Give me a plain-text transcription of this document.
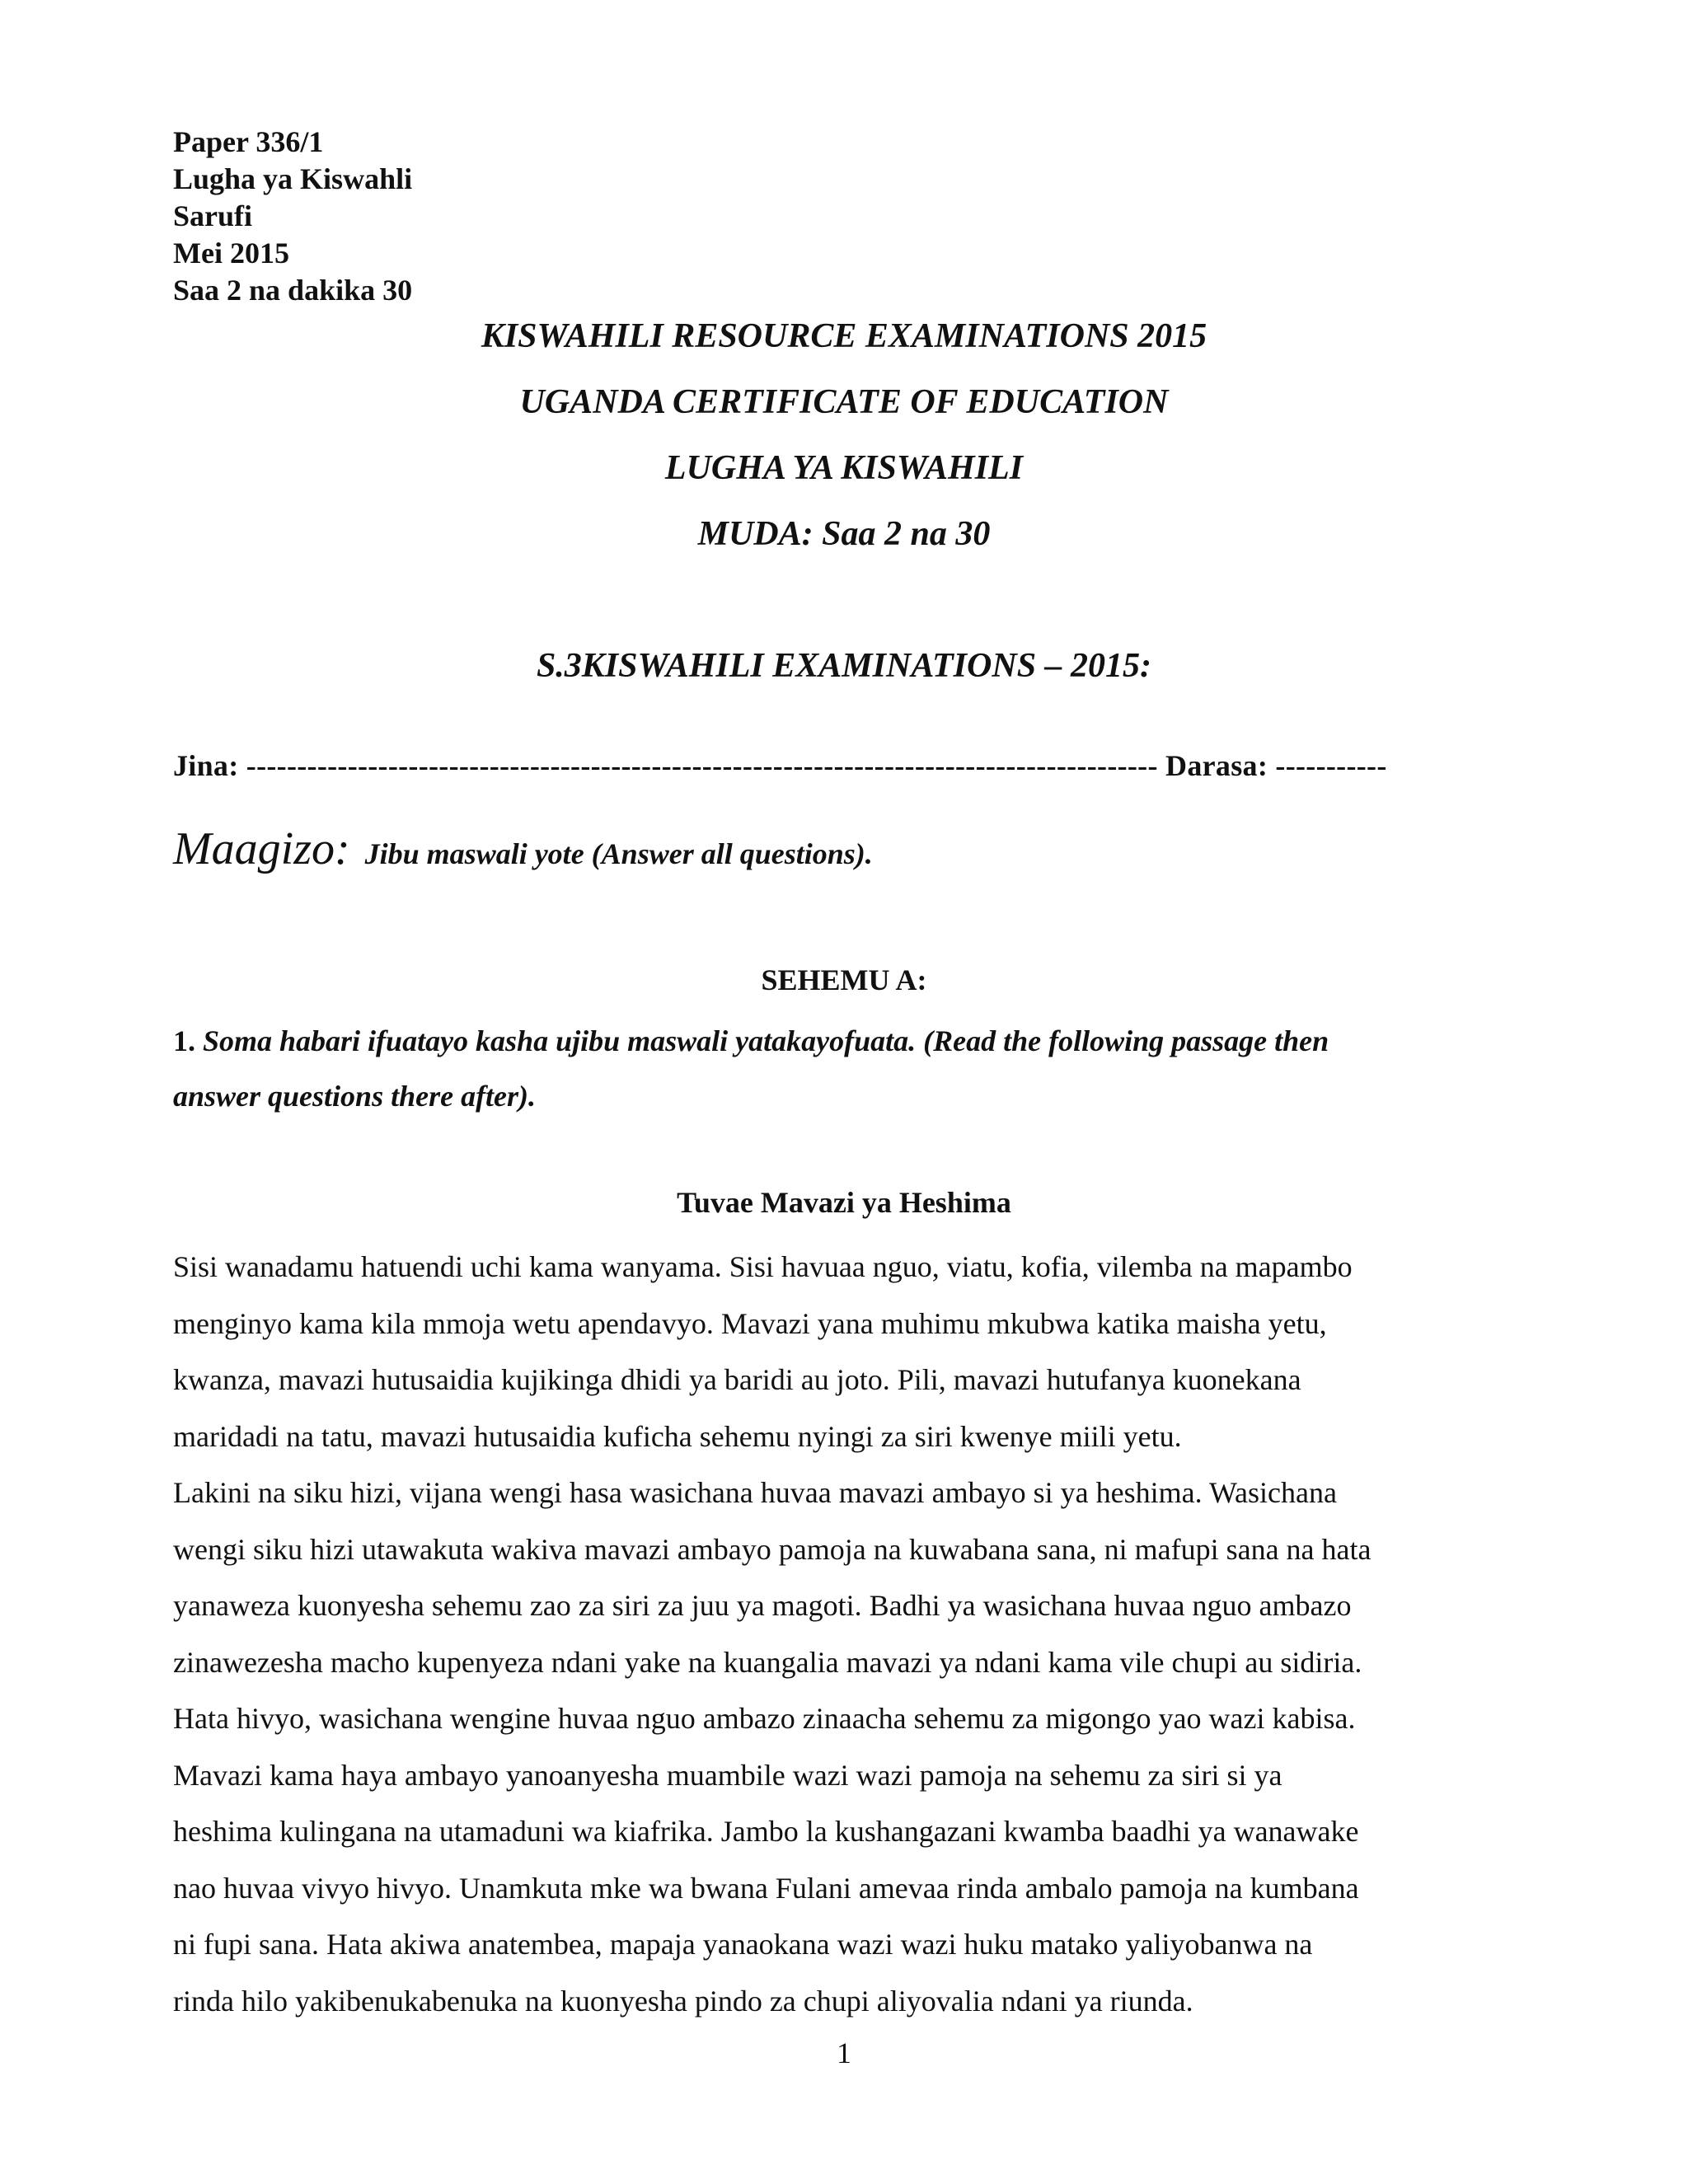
Paper 336/1
Lugha ya Kiswahli
Sarufi
Mei 2015
Saa 2 na dakika 30
KISWAHILI RESOURCE EXAMINATIONS 2015
UGANDA CERTIFICATE OF EDUCATION
LUGHA YA KISWAHILI
MUDA: Saa 2 na 30
S.3KISWAHILI EXAMINATIONS – 2015:
Jina: ------------------------------------------------------------------------------------------ Darasa: -----------
Maagizo: Jibu maswali yote (Answer all questions).
SEHEMU A:
1. Soma habari ifuatayo kasha ujibu maswali yatakayofuata. (Read the following passage then
answer questions there after).
Tuvae Mavazi ya Heshima
Sisi wanadamu hatuendi uchi kama wanyama. Sisi havuaa nguo, viatu, kofia, vilemba na mapambo
menginyo kama kila mmoja wetu apendavyo. Mavazi yana muhimu mkubwa katika maisha yetu,
kwanza, mavazi hutusaidia kujikinga dhidi ya baridi au joto. Pili, mavazi hutufanya kuonekana
maridadi na tatu, mavazi hutusaidia kuficha sehemu nyingi za siri kwenye miili yetu.
Lakini na siku hizi, vijana wengi hasa wasichana huvaa mavazi ambayo si ya heshima. Wasichana
wengi siku hizi utawakuta wakiva mavazi ambayo pamoja na kuwabana sana, ni mafupi sana na hata
yanaweza kuonyesha sehemu zao za siri za juu ya magoti. Badhi ya wasichana huvaa nguo ambazo
zinawezesha macho kupenyeza ndani yake na kuangalia mavazi ya ndani kama vile chupi au sidiria.
Hata hivyo, wasichana wengine huvaa nguo ambazo zinaacha sehemu za migongo yao wazi kabisa.
Mavazi kama haya ambayo yanoanyesha muambile wazi wazi pamoja na sehemu za siri si ya
heshima kulingana na utamaduni wa kiafrika. Jambo la kushangazani kwamba baadhi ya wanawake
nao huvaa vivyo hivyo. Unamkuta mke wa bwana Fulani amevaa rinda ambalo pamoja na kumbana
ni fupi sana. Hata akiwa anatembea, mapaja yanaokana wazi wazi huku matako yaliyobanwa na
rinda hilo yakibenukabenuka na kuonyesha pindo za chupi aliyovalia ndani ya riunda.
1
